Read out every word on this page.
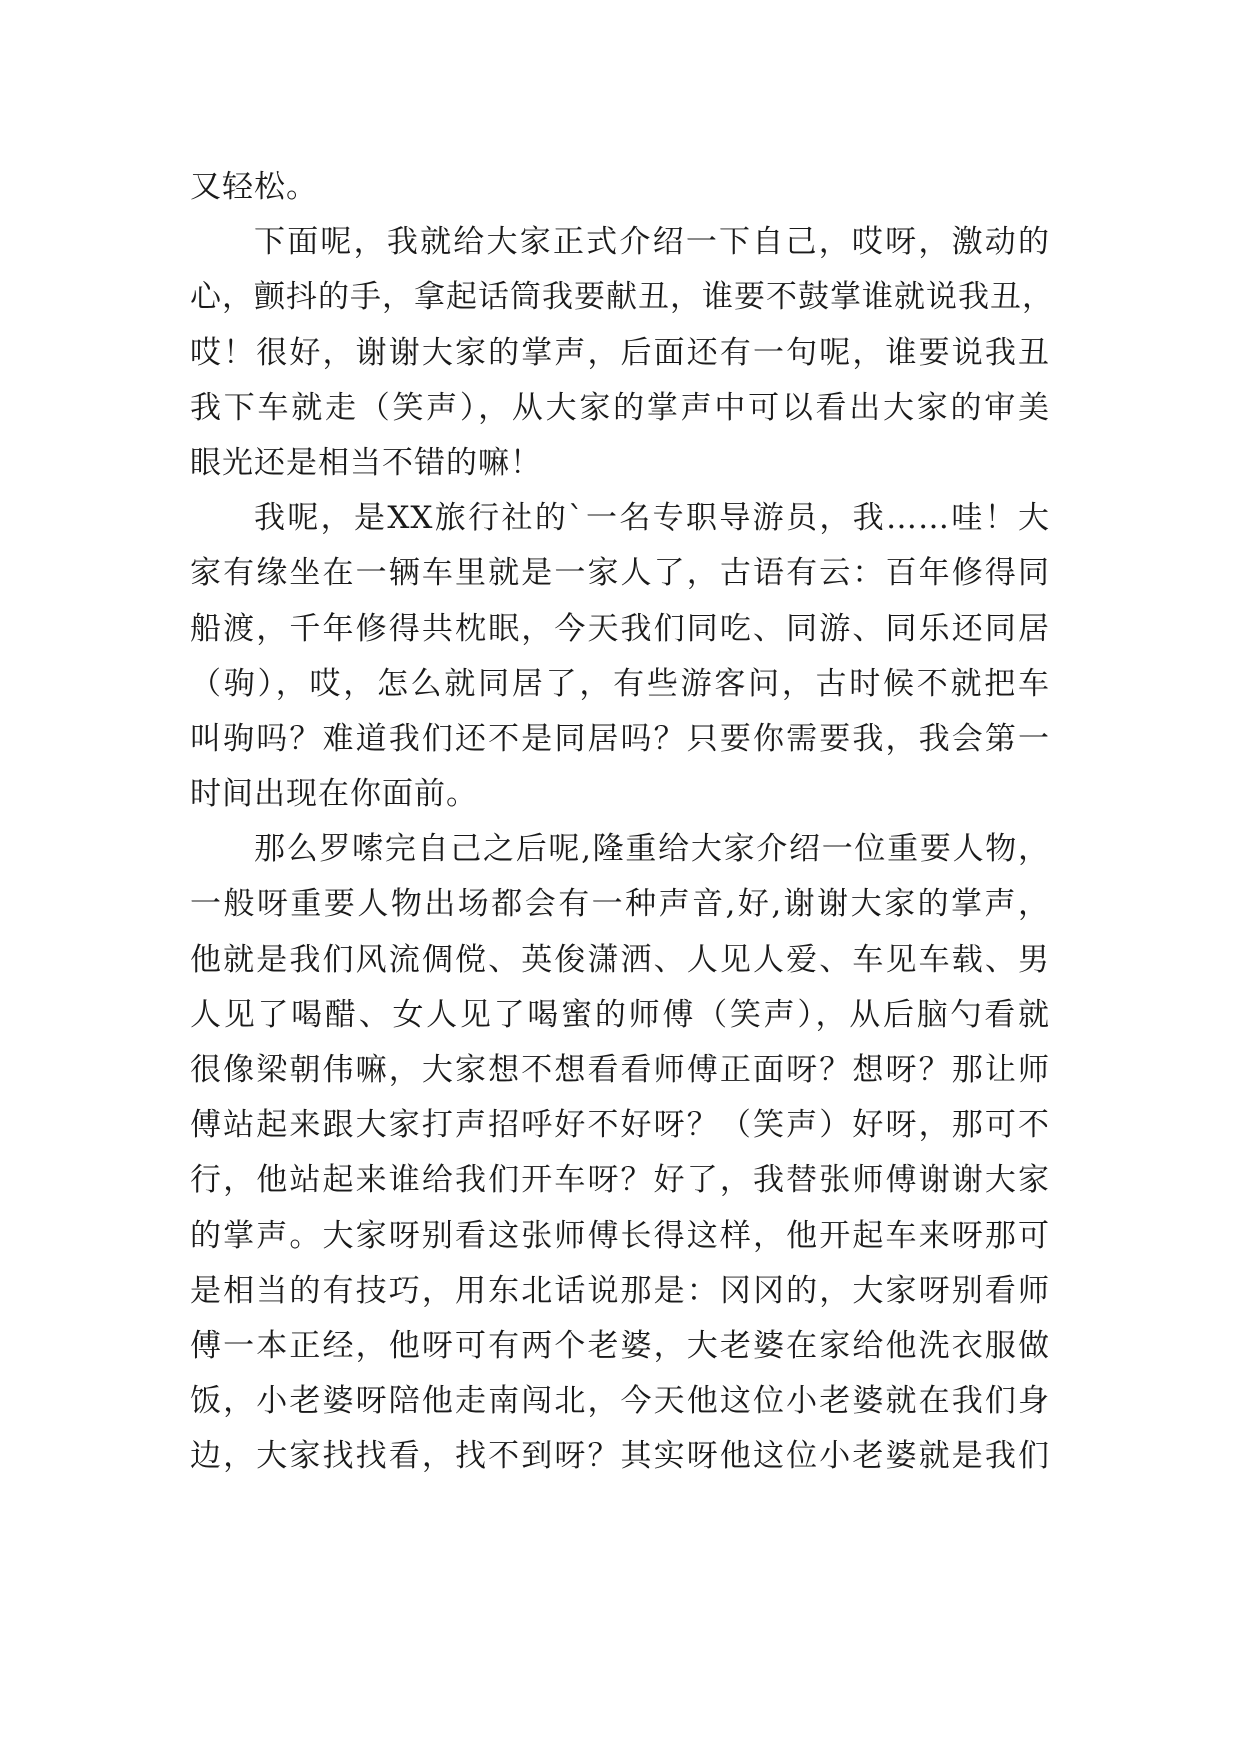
又轻松。
下面呢，我就给大家正式介绍一下自己，哎呀，激动的
心，颤抖的手，拿起话筒我要献丑，谁要不鼓掌谁就说我丑，
哎！很好，谢谢大家的掌声，后面还有一句呢，谁要说我丑
我下车就走（笑声），从大家的掌声中可以看出大家的审美
眼光还是相当不错的嘛！
我呢，是XX旅行社的`一名专职导游员，我……哇！大
家有缘坐在一辆车里就是一家人了，古语有云：百年修得同
船渡，千年修得共枕眠，今天我们同吃、同游、同乐还同居
（驹），哎，怎么就同居了，有些游客问，古时候不就把车
叫驹吗？难道我们还不是同居吗？只要你需要我，我会第一
时间出现在你面前。
那么罗嗦完自己之后呢,隆重给大家介绍一位重要人物，
一般呀重要人物出场都会有一种声音,好,谢谢大家的掌声，
他就是我们风流倜傥、英俊潇洒、人见人爱、车见车载、男
人见了喝醋、女人见了喝蜜的师傅（笑声），从后脑勺看就
很像梁朝伟嘛，大家想不想看看师傅正面呀？想呀？那让师
傅站起来跟大家打声招呼好不好呀？（笑声）好呀，那可不
行，他站起来谁给我们开车呀？好了，我替张师傅谢谢大家
的掌声。大家呀别看这张师傅长得这样，他开起车来呀那可
是相当的有技巧，用东北话说那是：冈冈的，大家呀别看师
傅一本正经，他呀可有两个老婆，大老婆在家给他洗衣服做
饭，小老婆呀陪他走南闯北，今天他这位小老婆就在我们身
边，大家找找看，找不到呀？其实呀他这位小老婆就是我们
